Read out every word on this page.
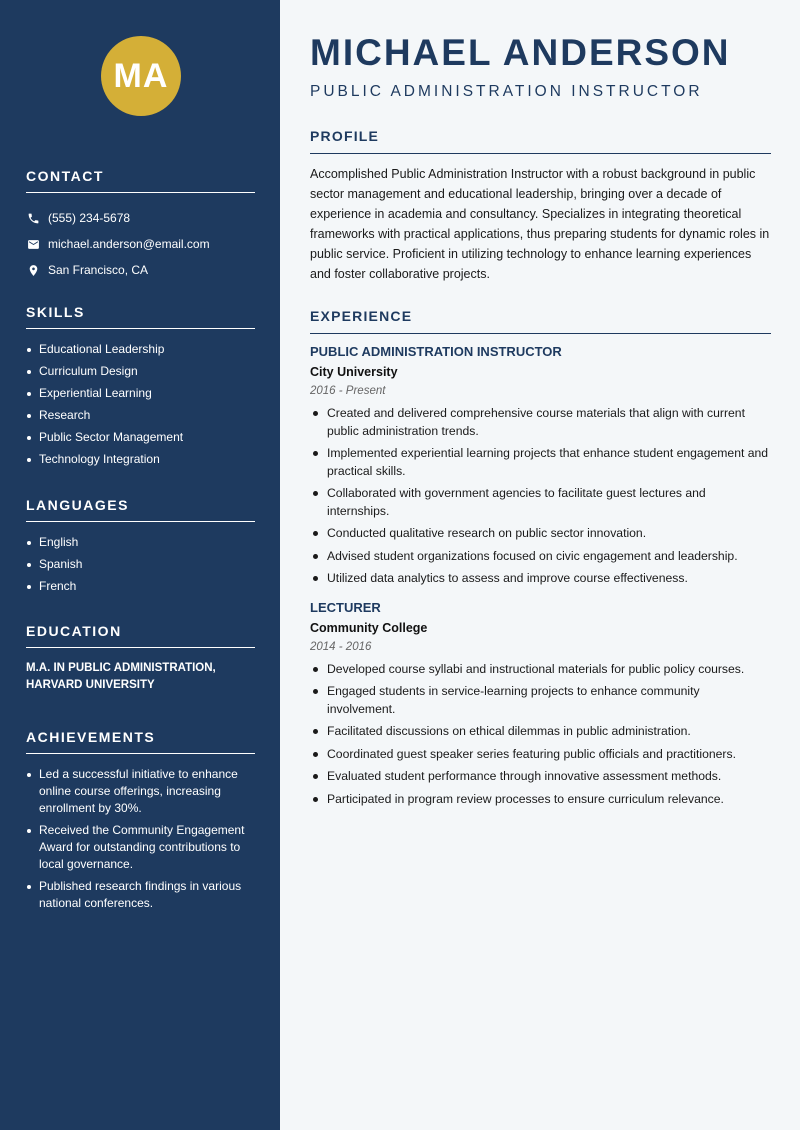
MA
CONTACT
(555) 234-5678
michael.anderson@email.com
San Francisco, CA
SKILLS
Educational Leadership
Curriculum Design
Experiential Learning
Research
Public Sector Management
Technology Integration
LANGUAGES
English
Spanish
French
EDUCATION
M.A. IN PUBLIC ADMINISTRATION, HARVARD UNIVERSITY
ACHIEVEMENTS
Led a successful initiative to enhance online course offerings, increasing enrollment by 30%.
Received the Community Engagement Award for outstanding contributions to local governance.
Published research findings in various national conferences.
MICHAEL ANDERSON
PUBLIC ADMINISTRATION INSTRUCTOR
PROFILE

Accomplished Public Administration Instructor with a robust background in public sector management and educational leadership, bringing over a decade of experience in academia and consultancy. Specializes in integrating theoretical frameworks with practical applications, thus preparing students for dynamic roles in public service. Proficient in utilizing technology to enhance learning experiences and foster collaborative projects.

EXPERIENCE
PUBLIC ADMINISTRATION INSTRUCTOR
City University
2016 - Present
Created and delivered comprehensive course materials that align with current public administration trends.
Implemented experiential learning projects that enhance student engagement and practical skills.
Collaborated with government agencies to facilitate guest lectures and internships.
Conducted qualitative research on public sector innovation.
Advised student organizations focused on civic engagement and leadership.
Utilized data analytics to assess and improve course effectiveness.
LECTURER
Community College
2014 - 2016
Developed course syllabi and instructional materials for public policy courses.
Engaged students in service-learning projects to enhance community involvement.
Facilitated discussions on ethical dilemmas in public administration.
Coordinated guest speaker series featuring public officials and practitioners.
Evaluated student performance through innovative assessment methods.
Participated in program review processes to ensure curriculum relevance.
